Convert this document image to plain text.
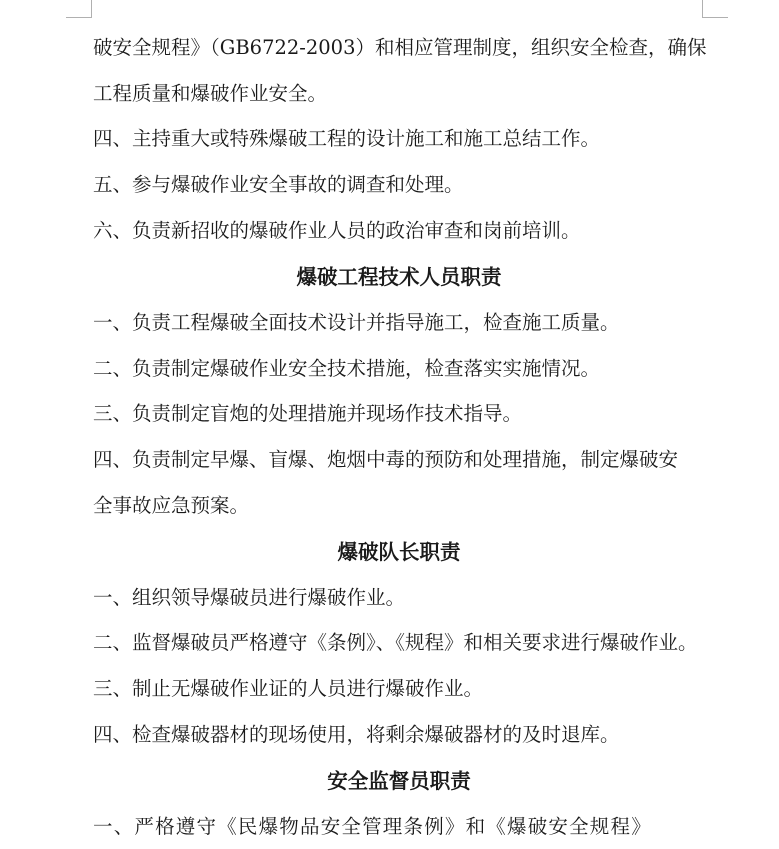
破安全规程》（GB6722-2003）和相应管理制度，组织安全检查，确保
工程质量和爆破作业安全。
四、主持重大或特殊爆破工程的设计施工和施工总结工作。
五、参与爆破作业安全事故的调查和处理。
六、负责新招收的爆破作业人员的政治审查和岗前培训。
爆破工程技术人员职责
一、负责工程爆破全面技术设计并指导施工，检查施工质量。
二、负责制定爆破作业安全技术措施，检查落实实施情况。
三、负责制定盲炮的处理措施并现场作技术指导。
四、负责制定早爆、盲爆、炮烟中毒的预防和处理措施，制定爆破安
全事故应急预案。
爆破队长职责
一、组织领导爆破员进行爆破作业。
二、监督爆破员严格遵守《条例》、《规程》和相关要求进行爆破作业。
三、制止无爆破作业证的人员进行爆破作业。
四、检查爆破器材的现场使用，将剩余爆破器材的及时退库。
安全监督员职责
一、严格遵守《民爆物品安全管理条例》和《爆破安全规程》
